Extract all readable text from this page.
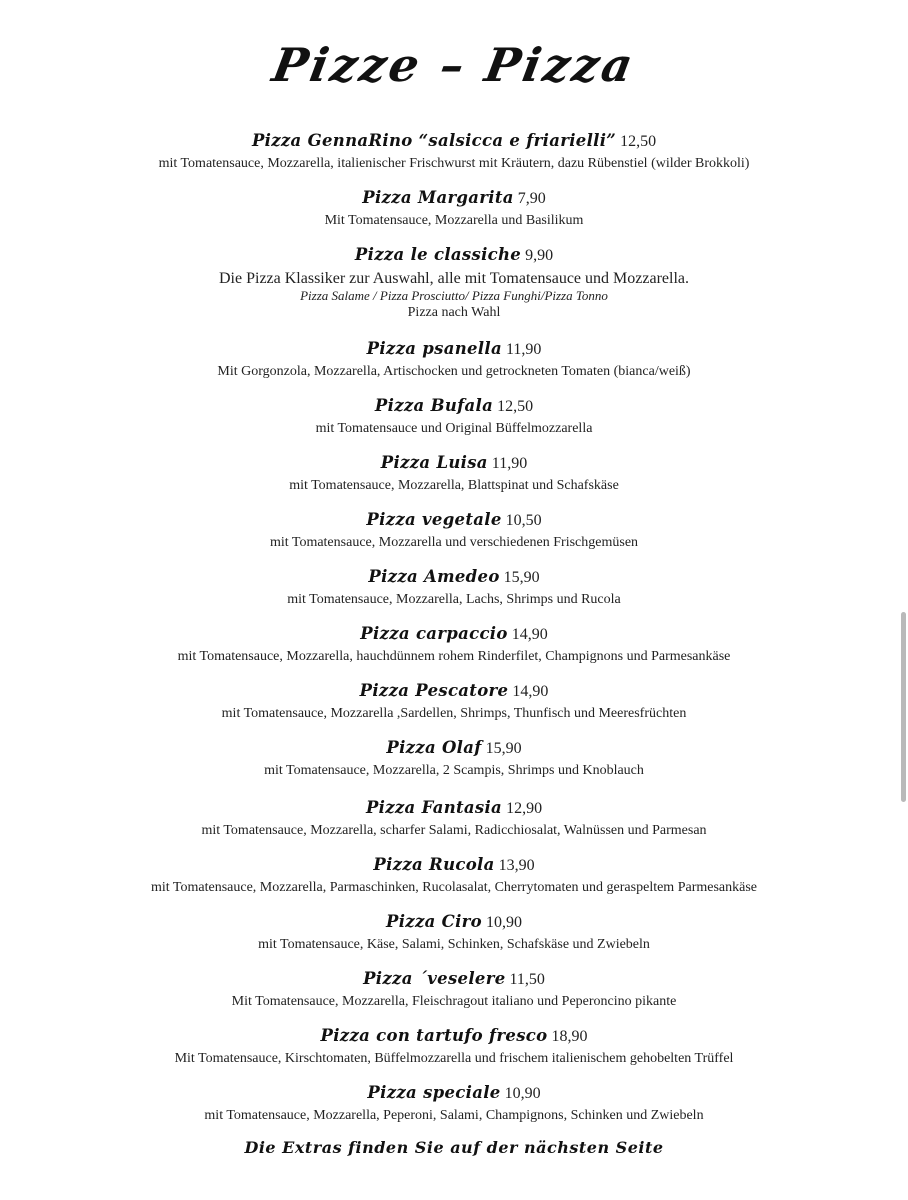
Pizze – Pizza
Pizza GennaRino “salsicca e friarielli” 12,50
mit Tomatensauce, Mozzarella, italienischer Frischwurst mit Kräutern, dazu Rübenstiel (wilder Brokkoli)
Pizza Margarita 7,90
Mit Tomatensauce, Mozzarella und Basilikum
Pizza le classiche 9,90
Die Pizza Klassiker zur Auswahl, alle mit Tomatensauce und Mozzarella.
Pizza Salame / Pizza Prosciutto/ Pizza Funghi/Pizza Tonno
Pizza nach Wahl
Pizza psanella 11,90
Mit Gorgonzola, Mozzarella, Artischocken und getrockneten Tomaten (bianca/weiß)
Pizza Bufala 12,50
mit Tomatensauce und Original Büffelmozzarella
Pizza Luisa 11,90
mit Tomatensauce, Mozzarella, Blattspinat und Schafskäse
Pizza vegetale 10,50
mit Tomatensauce, Mozzarella und verschiedenen Frischgemüsen
Pizza Amedeo 15,90
mit Tomatensauce, Mozzarella, Lachs, Shrimps und Rucola
Pizza carpaccio 14,90
mit Tomatensauce, Mozzarella, hauchdünnem rohem Rinderfilet, Champignons und Parmesankäse
Pizza Pescatore 14,90
mit Tomatensauce, Mozzarella ,Sardellen, Shrimps, Thunfisch und Meeresfrüchten
Pizza Olaf 15,90
mit Tomatensauce, Mozzarella, 2 Scampis, Shrimps und Knoblauch
Pizza Fantasia 12,90
mit Tomatensauce, Mozzarella, scharfer Salami, Radicchiosalat, Walnüssen und Parmesan
Pizza Rucola 13,90
mit Tomatensauce, Mozzarella, Parmaschinken, Rucolasalat, Cherrytomaten und geraspeltem Parmesankäse
Pizza Ciro 10,90
mit Tomatensauce, Käse, Salami, Schinken, Schafskäse und Zwiebeln
Pizza ´veselere 11,50
Mit Tomatensauce, Mozzarella, Fleischragout italiano und Peperoncino pikante
Pizza con tartufo fresco 18,90
Mit Tomatensauce, Kirschtomaten, Büffelmozzarella und frischem italienischem gehobelten Trüffel
Pizza speciale 10,90
mit Tomatensauce, Mozzarella, Peperoni, Salami, Champignons, Schinken und Zwiebeln
Die Extras finden Sie auf der nächsten Seite
